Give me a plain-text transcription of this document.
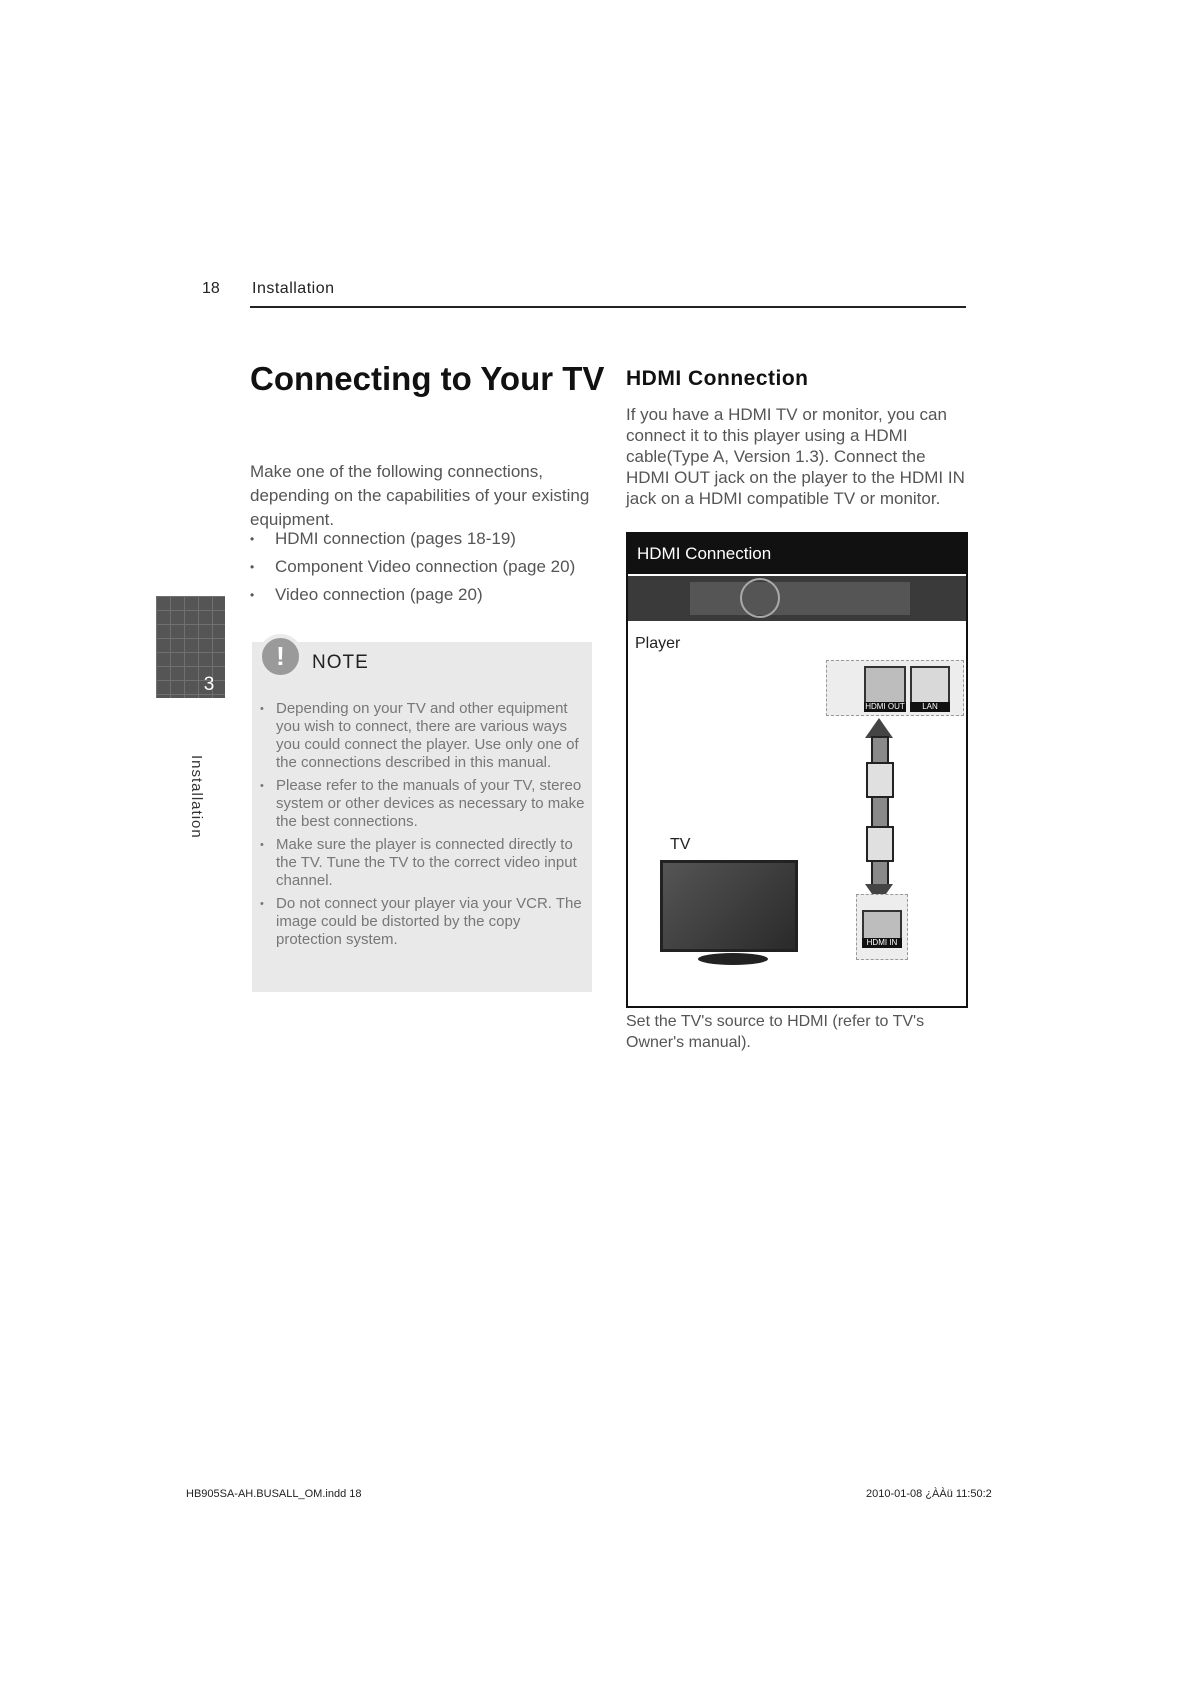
18 Installation
3
Installation
Connecting to Your TV

Make one of the following connections, depending on the capabilities of your existing equipment.

• HDMI connection (pages 18-19)
• Component Video connection (page 20)
• Video connection (page 20)
!	NOTE
• Depending on your TV and other equipment you wish to connect, there are various ways you could connect the player. Use only one of the connections described in this manual.
• Please refer to the manuals of your TV, stereo system or other devices as necessary to make the best connections.
• Make sure the player is connected directly to the TV. Tune the TV to the correct video input channel.
• Do not connect your player via your VCR. The image could be distorted by the copy protection system.
HDMI Connection

If you have a HDMI TV or monitor, you can connect it to this player using a HDMI cable(Type A, Version 1.3). Connect the HDMI OUT jack on the player to the HDMI IN jack on a HDMI compatible TV or monitor.

HDMI Connection
Player
TV
HDMI OUT	LAN
HDMI IN

Set the TV's source to HDMI (refer to TV's Owner's manual).

HB905SA-AH.BUSALL_OM.indd 18	2010-01-08 ¿ÀÀü 11:50:2
